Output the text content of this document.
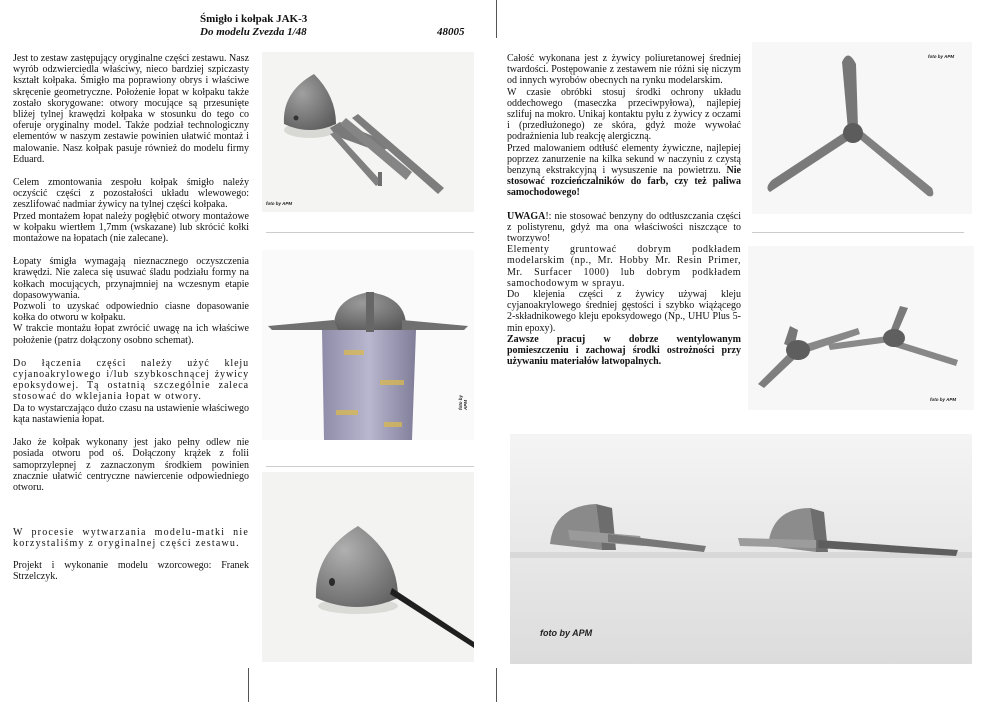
Śmigło i kołpak JAK-3
Do modelu Zvezda 1/48	48005

Jest to zestaw zastępujący oryginalne części zestawu. Nasz wyrób odzwierciedla właściwy, nieco bardziej szpiczasty kształt kołpaka. Śmigło ma poprawiony obrys i właściwe skręcenie geometryczne. Położenie łopat w kołpaku także zostało skorygowane: otwory mocujące są przesunięte bliżej tylnej krawędzi kołpaka w stosunku do tego co oferuje oryginalny model. Także podział technologiczny elementów w naszym zestawie powinien ułatwić montaż i malowanie. Nasz kołpak pasuje również do modelu firmy Eduard.

Celem zmontowania zespołu kołpak śmigło należy oczyścić części z pozostałości układu wlewowego: zeszlifować nadmiar żywicy na tylnej części kołpaka.
Przed montażem łopat należy pogłębić otwory montażowe w kołpaku wiertłem 1,7mm (wskazane) lub skrócić kołki montażowe na łopatach (nie zalecane).

Łopaty śmigła wymagają nieznacznego oczyszczenia krawędzi. Nie zaleca się usuwać śladu podziału formy na kołkach mocujących, przynajmniej na wczesnym etapie dopasowywania.
Pozwoli to uzyskać odpowiednio ciasne dopasowanie kołka do otworu w kołpaku.
W trakcie montażu łopat zwrócić uwagę na ich właściwe położenie (patrz dołączony osobno schemat).

Do łączenia części należy użyć kleju cyjanoakrylowego i/lub szybkoschnącej żywicy epoksydowej. Tą ostatnią szczególnie zaleca stosować do wklejania łopat w otwory.
Da to wystarczająco dużo czasu na ustawienie właściwego kąta nastawienia łopat.

Jako że kołpak wykonany jest jako pełny odlew nie posiada otworu pod oś. Dołączony krążek z folii samoprzylepnej z zaznaczonym środkiem powinien znacznie ułatwić centryczne nawiercenie odpowiedniego otworu.

W procesie wytwarzania modelu-matki nie korzystaliśmy z oryginalnej części zestawu.

Projekt i wykonanie modelu wzorcowego: Franek Strzelczyk.

Całość wykonana jest z żywicy poliuretanowej średniej twardości. Postępowanie z zestawem nie różni się niczym od innych wyrobów obecnych na rynku modelarskim.
W czasie obróbki stosuj środki ochrony układu oddechowego (maseczka przeciwpyłowa), najlepiej szlifuj na mokro. Unikaj kontaktu pyłu z żywicy z oczami i (przedłużonego) ze skóra, gdyż może wywołać podrażnienia lub reakcję alergiczną.
Przed malowaniem odtłuść elementy żywiczne, najlepiej poprzez zanurzenie na kilka sekund w naczyniu z czystą benzyną ekstrakcyjną i wysuszenie na powietrzu. Nie stosować rozcieńczalników do farb, czy też paliwa samochodowego!

UWAGA!: nie stosować benzyny do odtłuszczania części z polistyrenu, gdyż ma ona właściwości niszczące to tworzywo!

Elementy gruntować dobrym podkładem modelarskim (np., Mr. Hobby Mr. Resin Primer, Mr. Surfacer 1000) lub dobrym podkładem samochodowym w sprayu.

Do klejenia części z żywicy używaj kleju cyjanoakrylowego średniej gęstości i szybko wiążącego 2-składnikowego kleju epoksydowego (Np., UHU Plus 5-min epoxy).

Zawsze pracuj w dobrze wentylowanym pomieszczeniu i zachowaj środki ostrożności przy używaniu materiałów łatwopalnych.

foto by APM
foto by APM
foto by APM
foto by APM
foto by APM
